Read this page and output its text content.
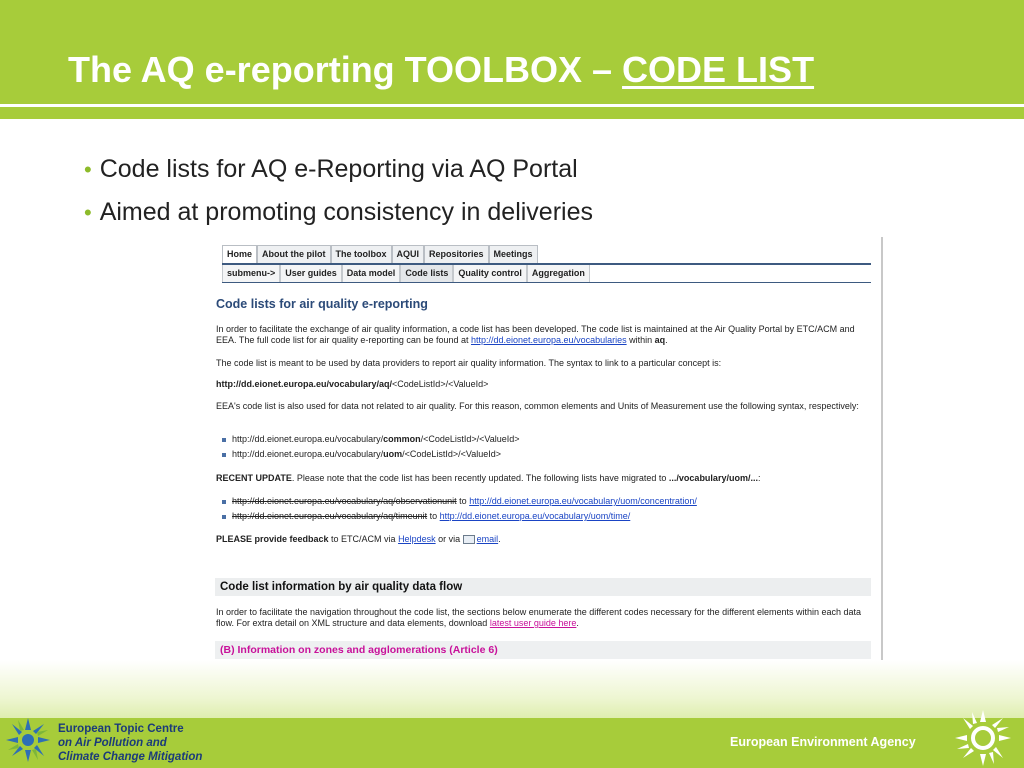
The AQ e-reporting TOOLBOX – CODE LIST
• Code lists for AQ e-Reporting via AQ Portal
• Aimed at promoting consistency in deliveries
Home	About the pilot	The toolbox	AQUI	Repositories	Meetings
submenu->	User guides	Data model	Code lists	Quality control	Aggregation
Code lists for air quality e-reporting
In order to facilitate the exchange of air quality information, a code list has been developed. The code list is maintained at the Air Quality Portal by ETC/ACM and EEA. The full code list for air quality e-reporting can be found at http://dd.eionet.europa.eu/vocabularies within aq.
The code list is meant to be used by data providers to report air quality information. The syntax to link to a particular concept is:
http://dd.eionet.europa.eu/vocabulary/aq/<CodeListId>/<ValueId>
EEA's code list is also used for data not related to air quality. For this reason, common elements and Units of Measurement use the following syntax, respectively:
http://dd.eionet.europa.eu/vocabulary/common/<CodeListId>/<ValueId>
http://dd.eionet.europa.eu/vocabulary/uom/<CodeListId>/<ValueId>
RECENT UPDATE. Please note that the code list has been recently updated. The following lists have migrated to .../vocabulary/uom/...:
http://dd.eionet.europa.eu/vocabulary/aq/observationunit to http://dd.eionet.europa.eu/vocabulary/uom/concentration/
http://dd.eionet.europa.eu/vocabulary/aq/timeunit to http://dd.eionet.europa.eu/vocabulary/uom/time/
PLEASE provide feedback to ETC/ACM via Helpdesk or via email.
Code list information by air quality data flow
In order to facilitate the navigation throughout the code list, the sections below enumerate the different codes necessary for the different elements within each data flow. For extra detail on XML structure and data elements, download latest user guide here.
(B) Information on zones and agglomerations (Article 6)
European Topic Centre
on Air Pollution and
Climate Change Mitigation
European Environment Agency
